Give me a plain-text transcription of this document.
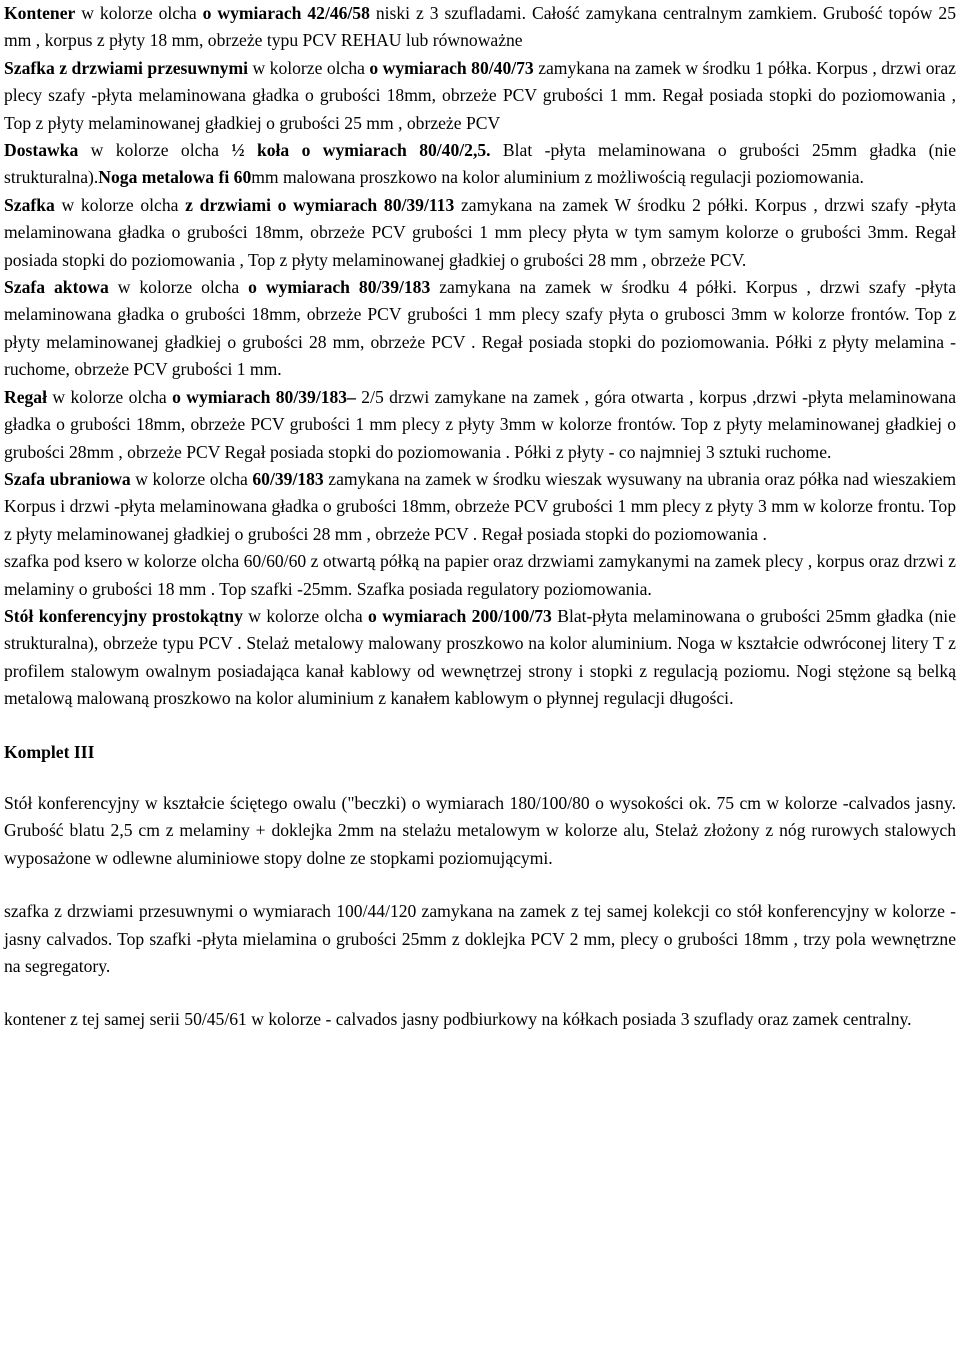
Kontener w kolorze olcha o wymiarach 42/46/58 niski z 3 szufladami. Całość zamykana centralnym zamkiem. Grubość topów 25 mm , korpus z płyty 18 mm, obrzeże typu PCV REHAU lub równoważne

Szafka z drzwiami przesuwnymi w kolorze olcha o wymiarach 80/40/73 zamykana na zamek w środku 1 półka. Korpus , drzwi oraz plecy szafy -płyta melaminowana gładka o grubości 18mm, obrzeże PCV grubości 1 mm. Regał posiada stopki do poziomowania , Top z płyty melaminowanej gładkiej o grubości 25 mm , obrzeże PCV

Dostawka w kolorze olcha ½ koła o wymiarach 80/40/2,5. Blat -płyta melaminowana o grubości 25mm gładka (nie strukturalna).Noga metalowa fi 60mm malowana proszkowo na kolor aluminium z możliwością regulacji poziomowania.

Szafka w kolorze olcha z drzwiami o wymiarach 80/39/113 zamykana na zamek W środku 2 półki. Korpus , drzwi szafy -płyta melaminowana gładka o grubości 18mm, obrzeże PCV grubości 1 mm plecy płyta w tym samym kolorze o grubości 3mm. Regał posiada stopki do poziomowania , Top z płyty melaminowanej gładkiej o grubości 28 mm , obrzeże PCV.

Szafa aktowa w kolorze olcha o wymiarach 80/39/183 zamykana na zamek w środku 4 półki. Korpus , drzwi szafy -płyta melaminowana gładka o grubości 18mm, obrzeże PCV grubości 1 mm plecy szafy płyta o grubosci 3mm w kolorze frontów. Top z płyty melaminowanej gładkiej o grubości 28 mm, obrzeże PCV . Regał posiada stopki do poziomowania. Półki z płyty melamina - ruchome, obrzeże PCV grubości 1 mm.

Regał w kolorze olcha o wymiarach 80/39/183– 2/5 drzwi zamykane na zamek , góra otwarta , korpus ,drzwi -płyta melaminowana gładka o grubości 18mm, obrzeże PCV grubości 1 mm plecy z płyty 3mm w kolorze frontów. Top z płyty melaminowanej gładkiej o grubości 28mm , obrzeże PCV Regał posiada stopki do poziomowania . Półki z płyty - co najmniej 3 sztuki ruchome.

Szafa ubraniowa w kolorze olcha 60/39/183 zamykana na zamek w środku wieszak wysuwany na ubrania oraz półka nad wieszakiem Korpus i drzwi -płyta melaminowana gładka o grubości 18mm, obrzeże PCV grubości 1 mm plecy z płyty 3 mm w kolorze frontu. Top z płyty melaminowanej gładkiej o grubości 28 mm , obrzeże PCV . Regał posiada stopki do poziomowania .

szafka pod ksero w kolorze olcha 60/60/60 z otwartą półką na papier oraz drzwiami zamykanymi na zamek plecy , korpus oraz drzwi z melaminy o grubości 18 mm . Top szafki -25mm. Szafka posiada regulatory poziomowania.

Stół konferencyjny prostokątny w kolorze olcha o wymiarach 200/100/73 Blat-płyta melaminowana o grubości 25mm gładka (nie strukturalna), obrzeże typu PCV . Stelaż metalowy malowany proszkowo na kolor aluminium. Noga w kształcie odwróconej litery T z profilem stalowym owalnym posiadająca kanał kablowy od wewnętrzej strony i stopki z regulacją poziomu. Nogi stężone są belką metalową malowaną proszkowo na kolor aluminium z kanałem kablowym o płynnej regulacji długości.

Komplet III

Stół konferencyjny w kształcie ściętego owalu ("beczki) o wymiarach 180/100/80 o wysokości ok. 75 cm w kolorze -calvados jasny. Grubość blatu 2,5 cm z melaminy + doklejka 2mm na stelażu metalowym w kolorze alu, Stelaż złożony z nóg rurowych stalowych wyposażone w odlewne aluminiowe stopy dolne ze stopkami poziomującymi.

szafka z drzwiami przesuwnymi o wymiarach 100/44/120 zamykana na zamek z tej samej kolekcji co stół konferencyjny w kolorze - jasny calvados. Top szafki -płyta mielamina o grubości 25mm z doklejka PCV 2 mm, plecy o grubości 18mm , trzy pola wewnętrzne na segregatory.

kontener z tej samej serii 50/45/61 w kolorze - calvados jasny podbiurkowy na kółkach posiada 3 szuflady oraz zamek centralny.
